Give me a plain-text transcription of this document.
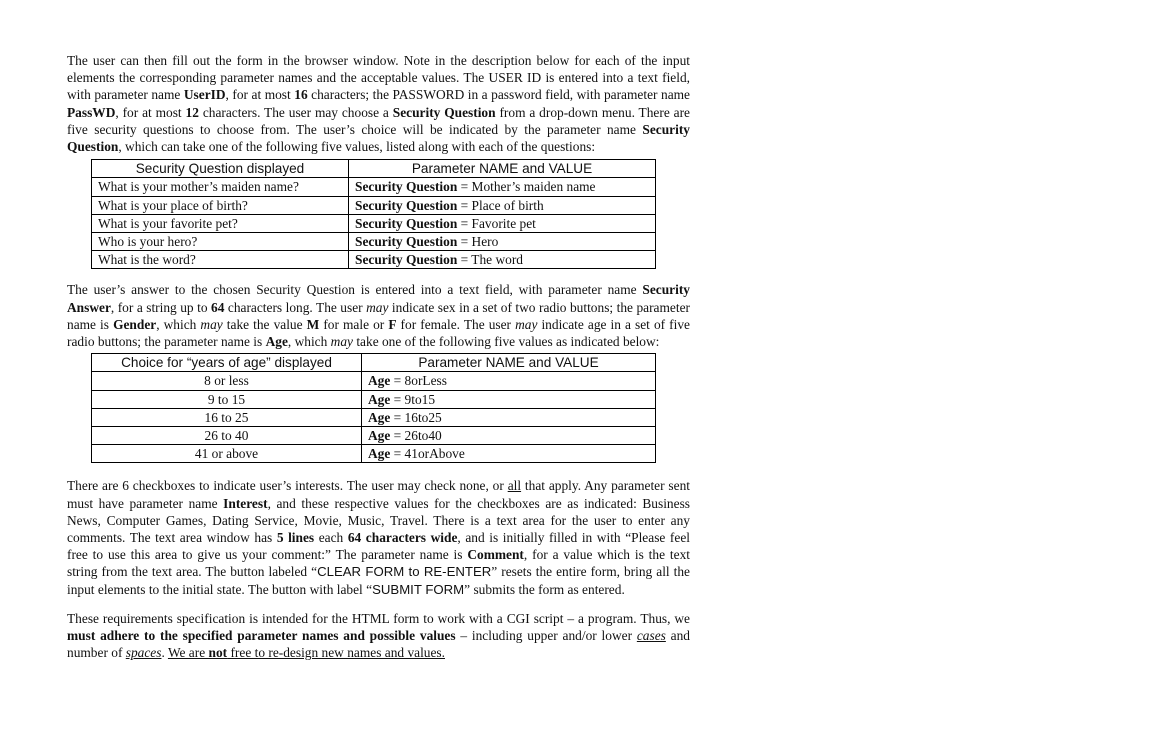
The user can then fill out the form in the browser window. Note in the description below for each of the input elements the corresponding parameter names and the acceptable values. The USER ID is entered into a text field, with parameter name UserID, for at most 16 characters; the PASSWORD in a password field, with parameter name PassWD, for at most 12 characters. The user may choose a Security Question from a drop-down menu. There are five security questions to choose from. The user’s choice will be indicated by the parameter name Security Question, which can take one of the following five values, listed along with each of the questions:

Security Question displayed	Parameter NAME and VALUE
What is your mother’s maiden name?	Security Question = Mother’s maiden name
What is your place of birth?	Security Question = Place of birth
What is your favorite pet?	Security Question = Favorite pet
Who is your hero?	Security Question = Hero
What is the word?	Security Question = The word

The user’s answer to the chosen Security Question is entered into a text field, with parameter name Security Answer, for a string up to 64 characters long. The user may indicate sex in a set of two radio buttons; the parameter name is Gender, which may take the value M for male or F for female. The user may indicate age in a set of five radio buttons; the parameter name is Age, which may take one of the following five values as indicated below:

Choice for “years of age” displayed	Parameter NAME and VALUE
8 or less	Age = 8orLess
9 to 15	Age = 9to15
16 to 25	Age = 16to25
26 to 40	Age = 26to40
41 or above	Age = 41orAbove

There are 6 checkboxes to indicate user’s interests. The user may check none, or all that apply. Any parameter sent must have parameter name Interest, and these respective values for the checkboxes are as indicated: Business News, Computer Games, Dating Service, Movie, Music, Travel. There is a text area for the user to enter any comments. The text area window has 5 lines each 64 characters wide, and is initially filled in with “Please feel free to use this area to give us your comment:” The parameter name is Comment, for a value which is the text string from the text area. The button labeled “CLEAR FORM to RE-ENTER” resets the entire form, bring all the input elements to the initial state. The button with label “SUBMIT FORM” submits the form as entered.

These requirements specification is intended for the HTML form to work with a CGI script – a program. Thus, we must adhere to the specified parameter names and possible values – including upper and/or lower cases and number of spaces. We are not free to re-design new names and values.
